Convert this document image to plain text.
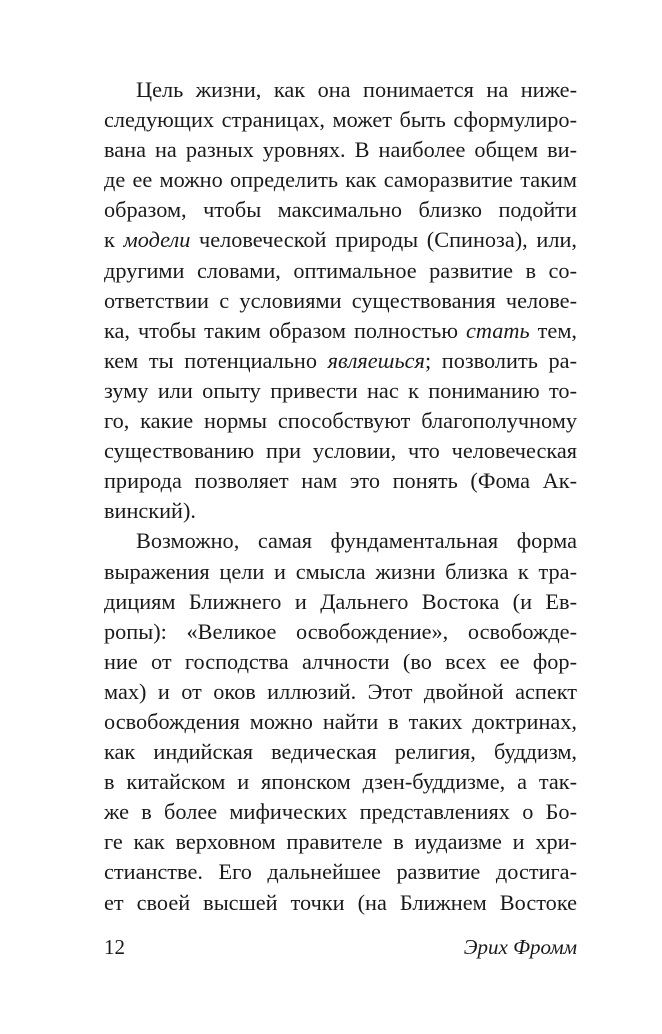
Цель жизни, как она понимается на ниже-
следующих страницах, может быть сформулиро-
вана на разных уровнях. В наиболее общем ви-
де ее можно определить как саморазвитие таким
образом, чтобы максимально близко подойти
к модели человеческой природы (Спиноза), или,
другими словами, оптимальное развитие в со-
ответствии с условиями существования челове-
ка, чтобы таким образом полностью стать тем,
кем ты потенциально являешься; позволить ра-
зуму или опыту привести нас к пониманию то-
го, какие нормы способствуют благополучному
существованию при условии, что человеческая
природа позволяет нам это понять (Фома Ак-
винский).
Возможно, самая фундаментальная форма
выражения цели и смысла жизни близка к тра-
дициям Ближнего и Дальнего Востока (и Ев-
ропы): «Великое освобождение», освобожде-
ние от господства алчности (во всех ее фор-
мах) и от оков иллюзий. Этот двойной аспект
освобождения можно найти в таких доктринах,
как индийская ведическая религия, буддизм,
в китайском и японском дзен-буддизме, а так-
же в более мифических представлениях о Бо-
ге как верховном правителе в иудаизме и хри-
стианстве. Его дальнейшее развитие достига-
ет своей высшей точки (на Ближнем Востоке
12	Эрих Фромм
